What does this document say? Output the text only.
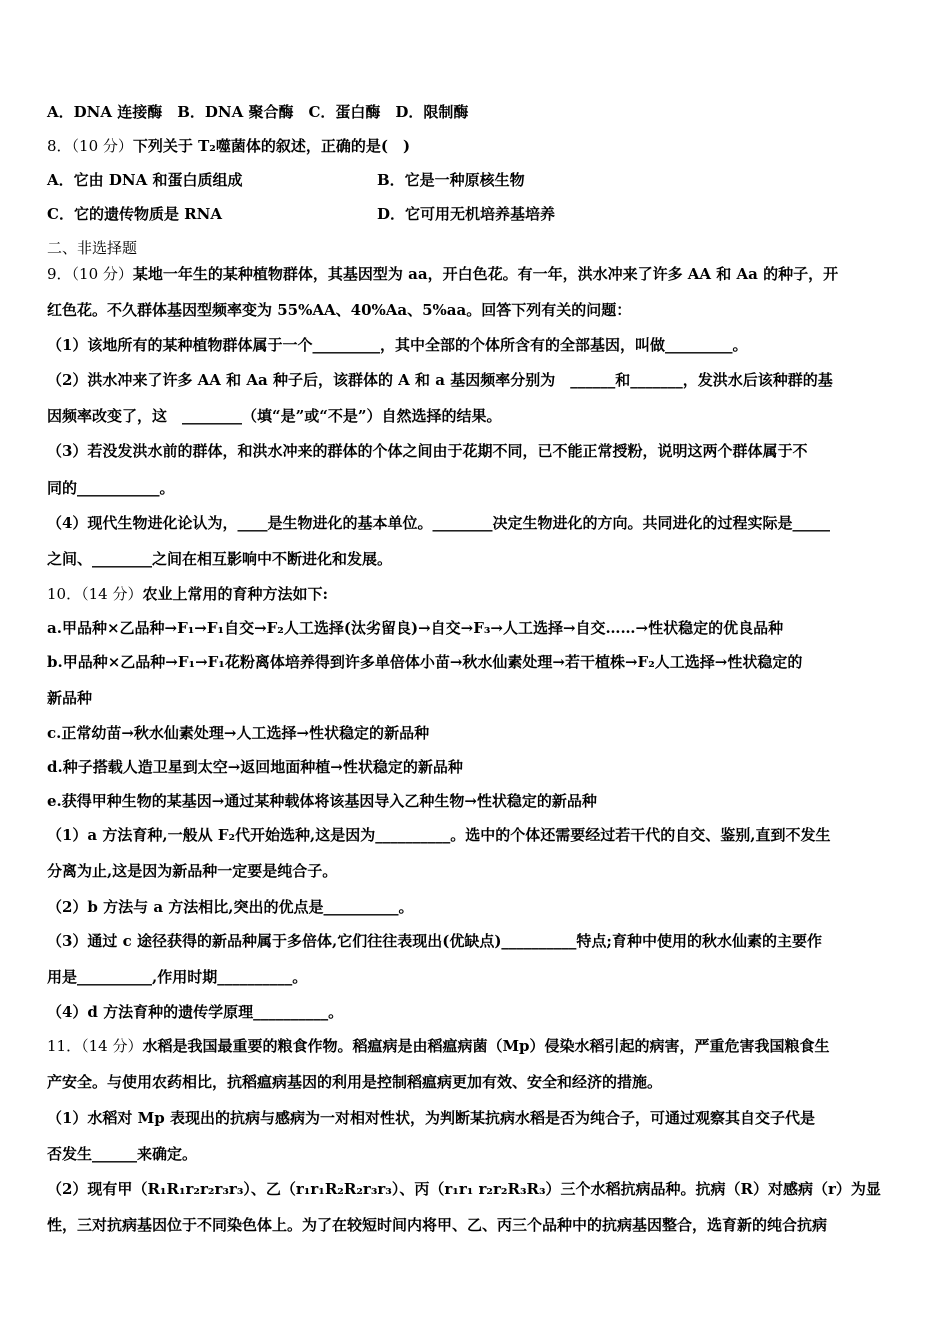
A．DNA 连接酶　B．DNA 聚合酶　C．蛋白酶　D．限制酶
8．（10 分）下列关于 T₂噬菌体的叙述，正确的是(　)
A．它由 DNA 和蛋白质组成	B．它是一种原核生物
C．它的遗传物质是 RNA	D．它可用无机培养基培养
二、非选择题
9．（10 分）某地一年生的某种植物群体，其基因型为 aa，开白色花。有一年，洪水冲来了许多 AA 和 Aa 的种子，开
红色花。不久群体基因型频率变为 55%AA、40%Aa、5%aa。回答下列有关的问题：
（1）该地所有的某种植物群体属于一个_________，其中全部的个体所含有的全部基因，叫做_________。
（2）洪水冲来了许多 AA 和 Aa 种子后，该群体的 A 和 a 基因频率分别为　______和_______，发洪水后该种群的基
因频率改变了，这　________（填“是”或“不是”）自然选择的结果。
（3）若没发洪水前的群体，和洪水冲来的群体的个体之间由于花期不同，已不能正常授粉，说明这两个群体属于不
同的___________。
（4）现代生物进化论认为，____是生物进化的基本单位。________决定生物进化的方向。共同进化的过程实际是_____
之间、________之间在相互影响中不断进化和发展。
10．（14 分）农业上常用的育种方法如下:
a.甲品种×乙品种→F₁→F₁自交→F₂人工选择(汰劣留良)→自交→F₃→人工选择→自交……→性状稳定的优良品种
b.甲品种×乙品种→F₁→F₁花粉离体培养得到许多单倍体小苗→秋水仙素处理→若干植株→F₂人工选择→性状稳定的
新品种
c.正常幼苗→秋水仙素处理→人工选择→性状稳定的新品种
d.种子搭载人造卫星到太空→返回地面种植→性状稳定的新品种
e.获得甲种生物的某基因→通过某种载体将该基因导入乙种生物→性状稳定的新品种
（1）a 方法育种,一般从 F₂代开始选种,这是因为__________。选中的个体还需要经过若干代的自交、鉴别,直到不发生
分离为止,这是因为新品种一定要是纯合子。
（2）b 方法与 a 方法相比,突出的优点是__________。
（3）通过 c 途径获得的新品种属于多倍体,它们往往表现出(优缺点)__________特点;育种中使用的秋水仙素的主要作
用是__________,作用时期__________。
（4）d 方法育种的遗传学原理__________。
11．（14 分）水稻是我国最重要的粮食作物。稻瘟病是由稻瘟病菌（Mp）侵染水稻引起的病害，严重危害我国粮食生
产安全。与使用农药相比，抗稻瘟病基因的利用是控制稻瘟病更加有效、安全和经济的措施。
（1）水稻对 Mp 表现出的抗病与感病为一对相对性状，为判断某抗病水稻是否为纯合子，可通过观察其自交子代是
否发生______来确定。
（2）现有甲（R₁R₁r₂r₂r₃r₃）、乙（r₁r₁R₂R₂r₃r₃）、丙（r₁r₁ r₂r₂R₃R₃）三个水稻抗病品种。抗病（R）对感病（r）为显
性，三对抗病基因位于不同染色体上。为了在较短时间内将甲、乙、丙三个品种中的抗病基因整合，选育新的纯合抗病
